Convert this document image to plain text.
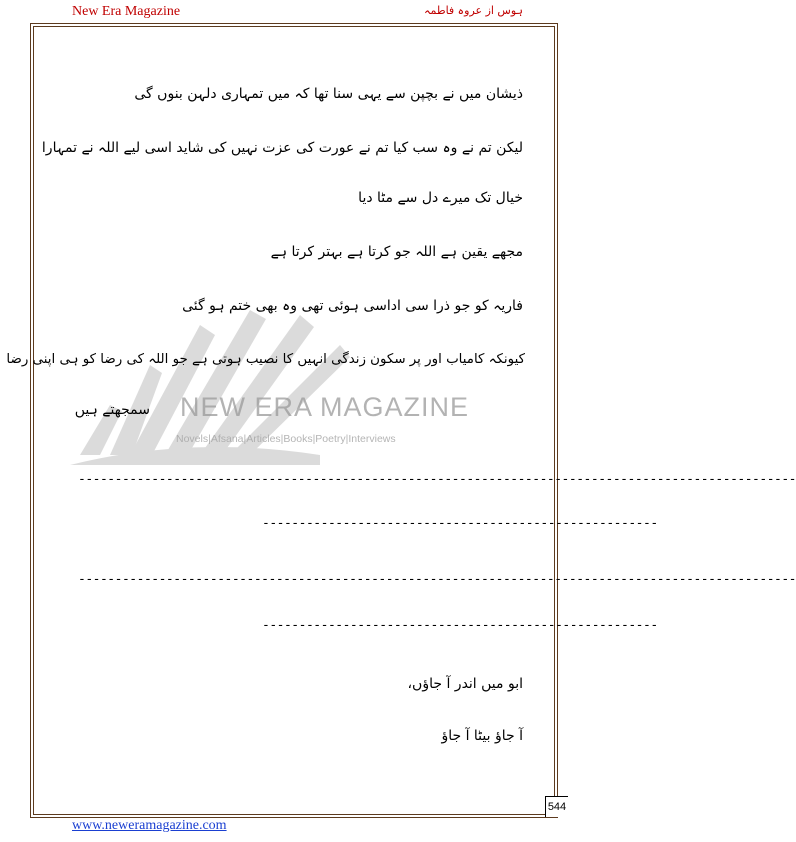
New Era Magazine	ہوس از عروہ فاطمہ
NEW ERA MAGAZINE
Novels|Afsana|Articles|Books|Poetry|Interviews
ذیشان میں نے بچپن سے یہی سنا تھا کہ میں تمہاری دلہن بنوں گی
لیکن تم نے وہ سب کیا تم نے عورت کی عزت نہیں کی شاید اسی لیے اللہ نے تمہارا
خیال تک میرے دل سے مٹا دیا
مجھے یقین ہے اللہ جو کرتا ہے بہتر کرتا ہے
فاریہ کو جو ذرا سی اداسی ہوئی تھی وہ بھی ختم ہو گئی
کیونکہ کامیاب اور پر سکون زندگی انہیں کا نصیب ہوتی ہے جو اللہ کی رضا کو ہی اپنی رضا
سمجھتے ہیں
--------------------------------------------------------------------------------------------------
------------------------------------------------------
--------------------------------------------------------------------------------------------------
------------------------------------------------------
ابو میں اندر آ جاؤں،
آ جاؤ بیٹا آ جاؤ
544
www.neweramagazine.com
